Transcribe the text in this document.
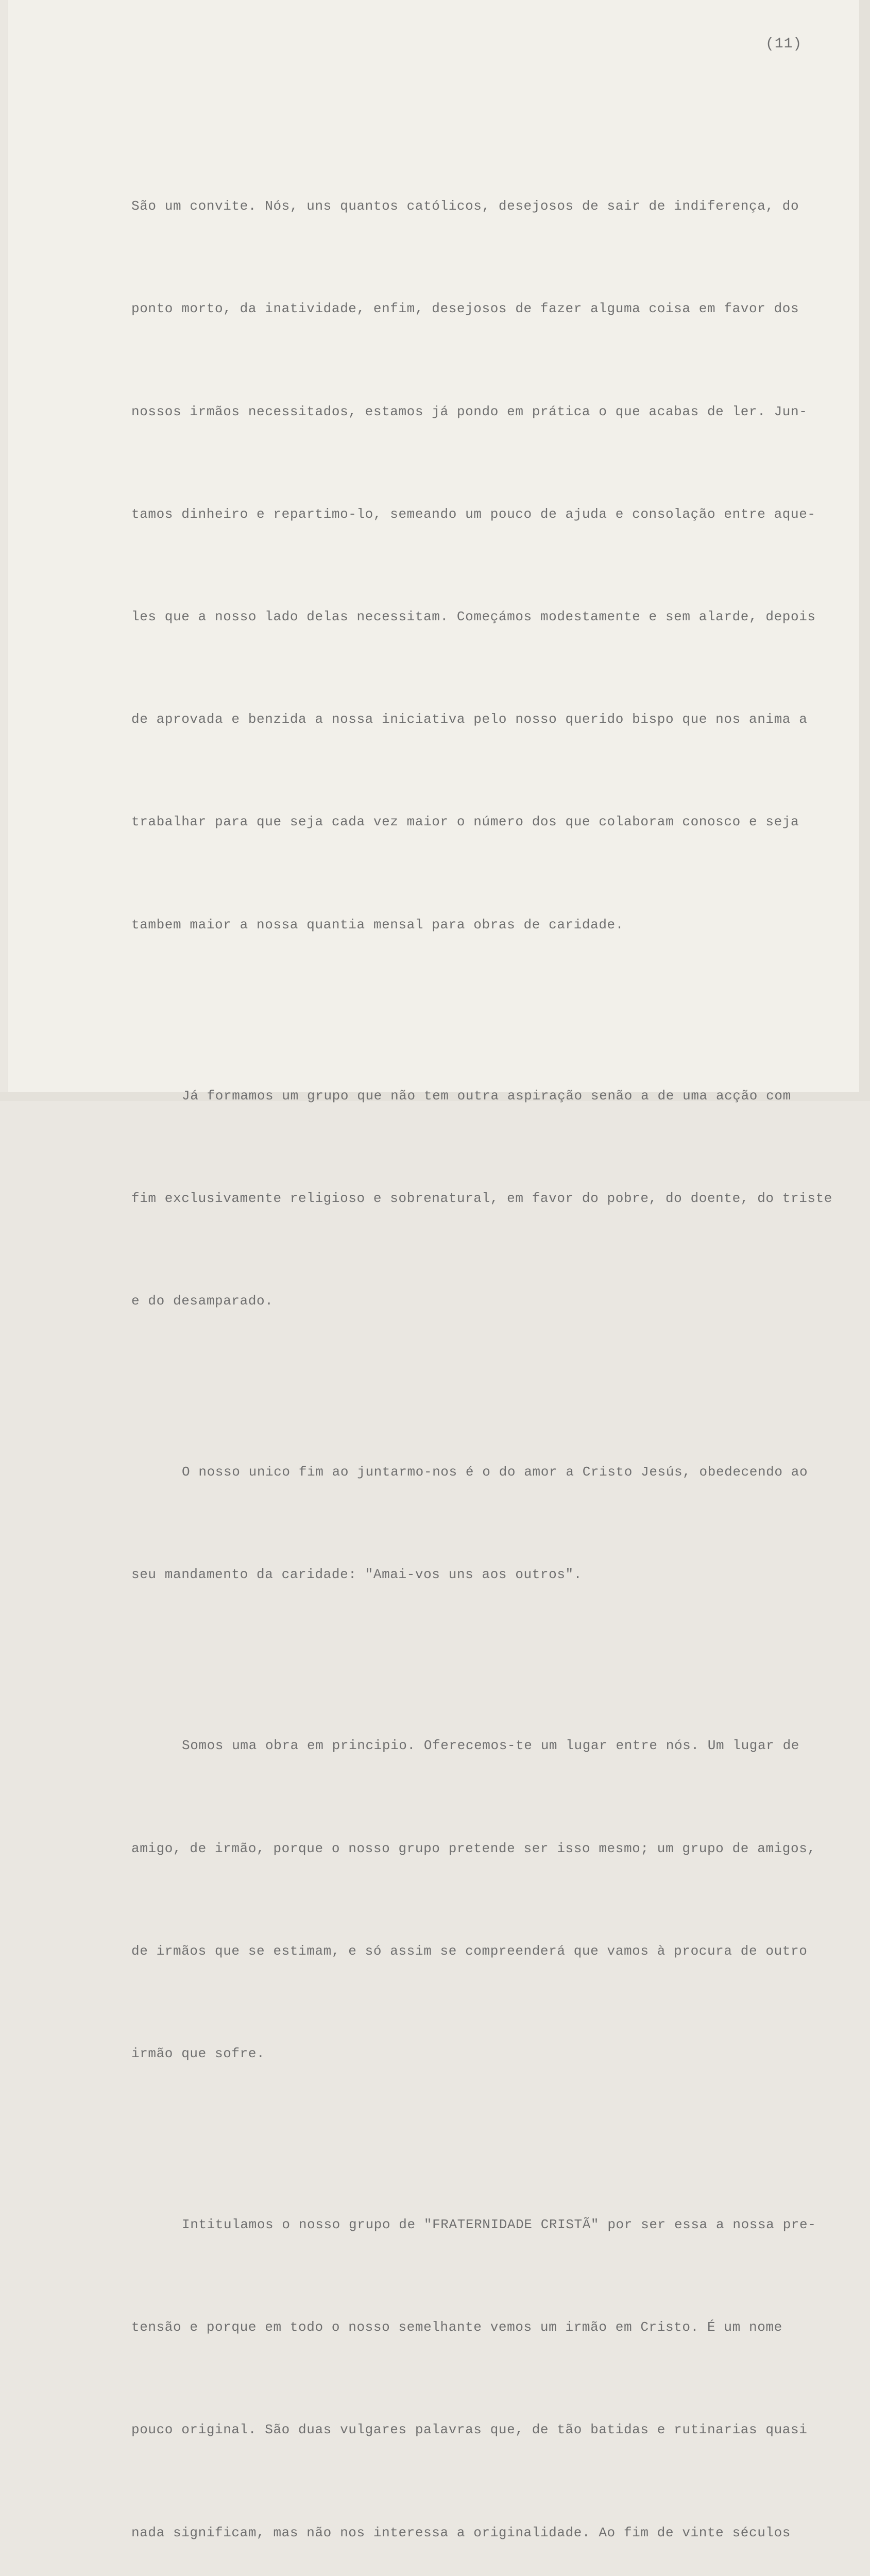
(11)

São um convite. Nós, uns quantos católicos, desejosos de sair de indiferença, do

ponto morto, da inatividade, enfim, desejosos de fazer alguma coisa em favor dos

nossos irmãos necessitados, estamos já pondo em prática o que acabas de ler. Jun-

tamos dinheiro e repartimo-lo, semeando um pouco de ajuda e consolação entre aque-

les que a nosso lado delas necessitam. Começámos modestamente e sem alarde, depois

de aprovada e benzida a nossa iniciativa pelo nosso querido bispo que nos anima a

trabalhar para que seja cada vez maior o número dos que colaboram conosco e seja

tambem maior a nossa quantia mensal para obras de caridade.

Já formamos um grupo que não tem outra aspiração senão a de uma acção com

fim exclusivamente religioso e sobrenatural, em favor do pobre, do doente, do triste

e do desamparado.

O nosso unico fim ao juntarmo-nos é o do amor a Cristo Jesús, obedecendo ao

seu mandamento da caridade: "Amai-vos uns aos outros".

Somos uma obra em principio. Oferecemos-te um lugar entre nós. Um lugar de

amigo, de irmão, porque o nosso grupo pretende ser isso mesmo; um grupo de amigos,

de irmãos que se estimam, e só assim se compreenderá que vamos à procura de outro

irmão que sofre.

Intitulamos o nosso grupo de "FRATERNIDADE CRISTÃ" por ser essa a nossa pre-

tensão e porque em todo o nosso semelhante vemos um irmão em Cristo. É um nome

pouco original. São duas vulgares palavras que, de tão batidas e rutinarias quasi

nada significam, mas não nos interessa a originalidade. Ao fim de vinte séculos
